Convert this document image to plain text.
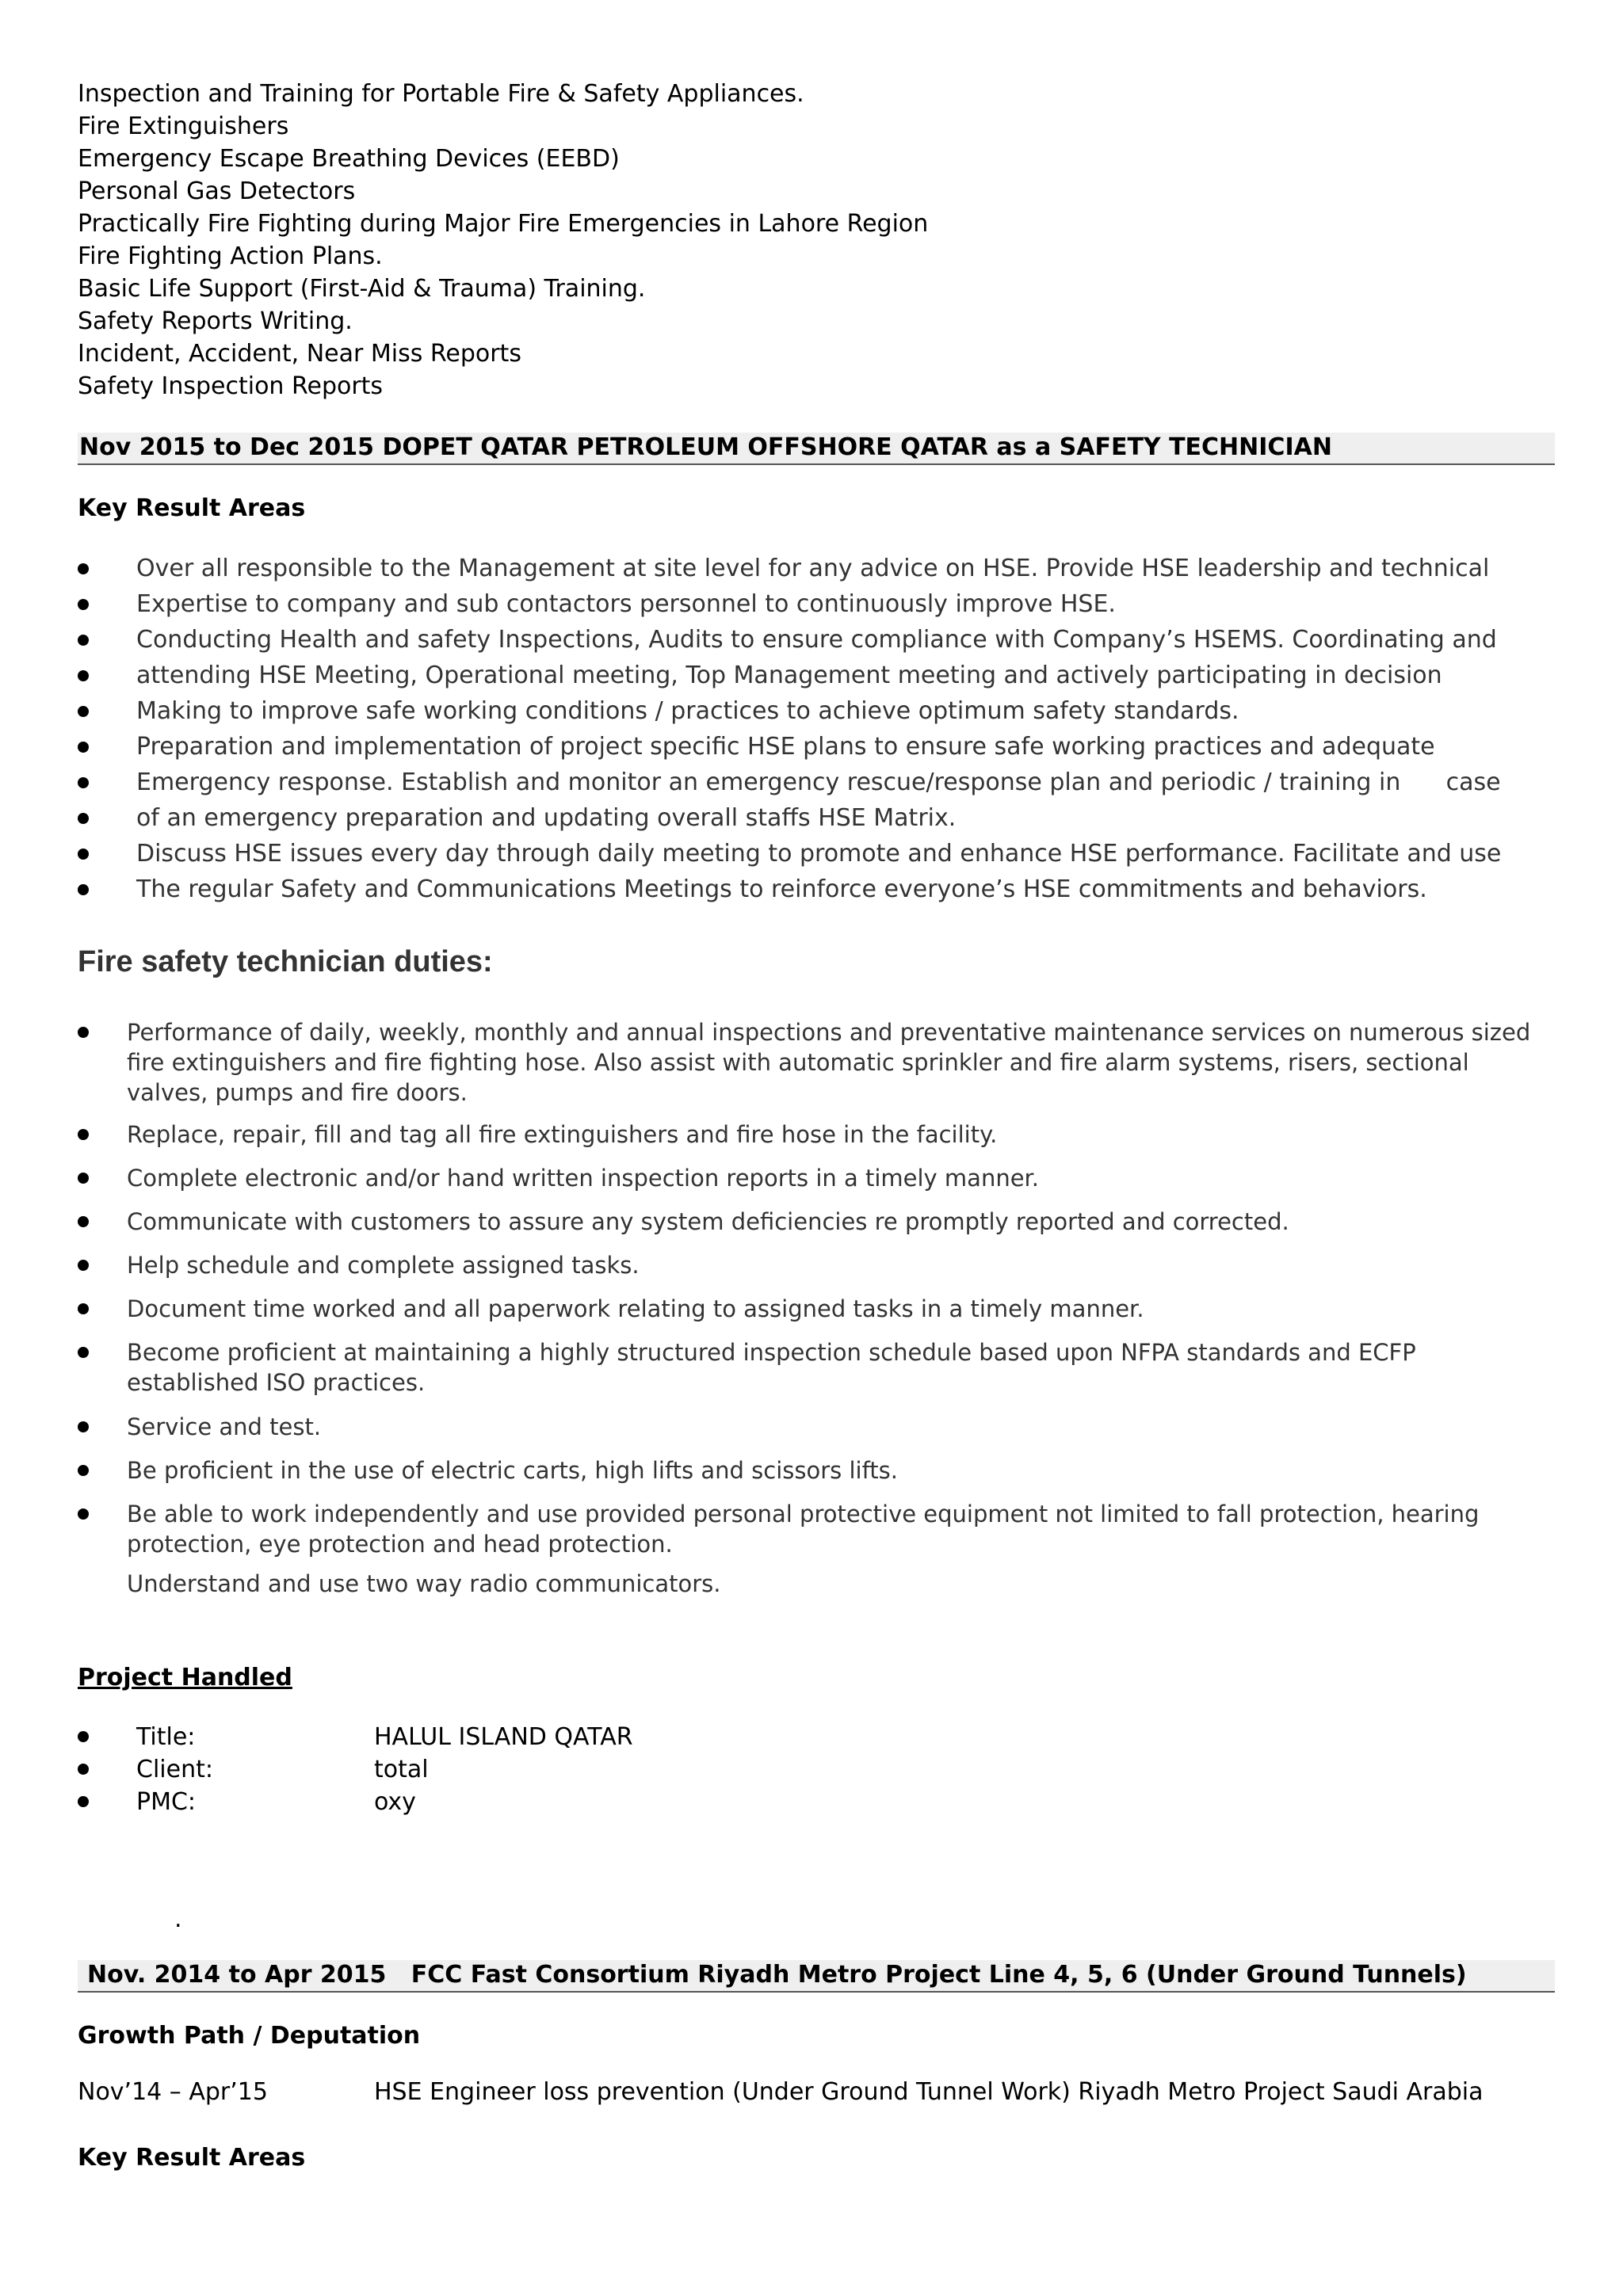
Inspection and Training for Portable Fire & Safety Appliances.
Fire Extinguishers
Emergency Escape Breathing Devices (EEBD)
Personal Gas Detectors
Practically Fire Fighting during Major Fire Emergencies in Lahore Region
Fire Fighting Action Plans.
Basic Life Support (First-Aid & Trauma) Training.
Safety Reports Writing.
Incident, Accident, Near Miss Reports
Safety Inspection Reports
Nov 2015 to Dec 2015 DOPET QATAR PETROLEUM OFFSHORE QATAR as a SAFETY TECHNICIAN
Key Result Areas
Over all responsible to the Management at site level for any advice on HSE. Provide HSE leadership and technical
Expertise to company and sub contactors personnel to continuously improve HSE.
Conducting Health and safety Inspections, Audits to ensure compliance with Company’s HSEMS. Coordinating and
attending HSE Meeting, Operational meeting, Top Management meeting and actively participating in decision
Making to improve safe working conditions / practices to achieve optimum safety standards.
Preparation and implementation of project specific HSE plans to ensure safe working practices and adequate
Emergency response. Establish and monitor an emergency rescue/response plan and periodic / training in      case
of an emergency preparation and updating overall staffs HSE Matrix.
Discuss HSE issues every day through daily meeting to promote and enhance HSE performance. Facilitate and use
The regular Safety and Communications Meetings to reinforce everyone’s HSE commitments and behaviors.
Fire safety technician duties:
Performance of daily, weekly, monthly and annual inspections and preventative maintenance services on numerous sized fire extinguishers and fire fighting hose. Also assist with automatic sprinkler and fire alarm systems, risers, sectional valves, pumps and fire doors.
Replace, repair, fill and tag all fire extinguishers and fire hose in the facility.
Complete electronic and/or hand written inspection reports in a timely manner.
Communicate with customers to assure any system deficiencies re promptly reported and corrected.
Help schedule and complete assigned tasks.
Document time worked and all paperwork relating to assigned tasks in a timely manner.
Become proficient at maintaining a highly structured inspection schedule based upon NFPA standards and ECFP established ISO practices.
Service and test.
Be proficient in the use of electric carts, high lifts and scissors lifts.
Be able to work independently and use provided personal protective equipment not limited to fall protection, hearing protection, eye protection and head protection.
Understand and use two way radio communicators.
Project Handled
Title:	HALUL ISLAND QATAR
Client:	total
PMC:	oxy
.
Nov. 2014 to Apr 2015   FCC Fast Consortium Riyadh Metro Project Line 4, 5, 6 (Under Ground Tunnels)
Growth Path / Deputation
Nov’14 – Apr’15	HSE Engineer loss prevention (Under Ground Tunnel Work) Riyadh Metro Project Saudi Arabia
Key Result Areas
